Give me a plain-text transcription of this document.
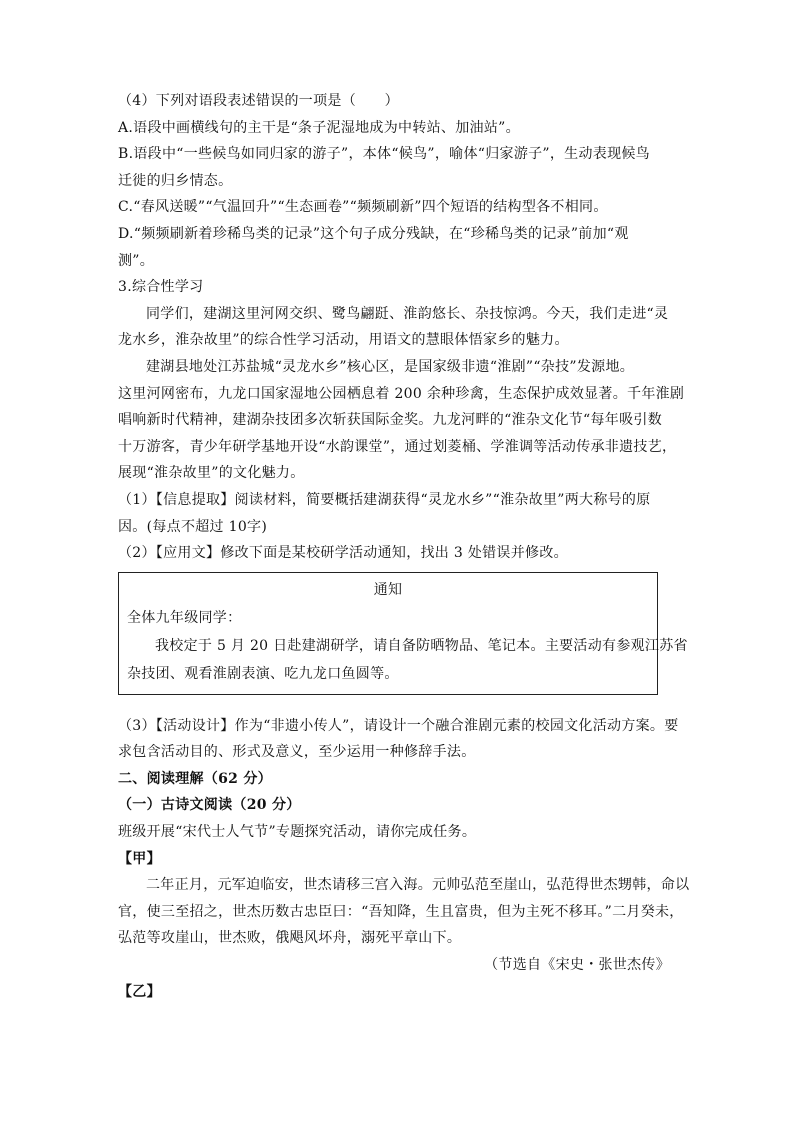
（4）下列对语段表述错误的一项是（　　）
A.语段中画横线句的主干是“条子泥湿地成为中转站、加油站”。
B.语段中“一些候鸟如同归家的游子”，本体“候鸟”，喻体“归家游子”，生动表现候鸟
迁徙的归乡情态。
C.“春风送暖”“气温回升”“生态画卷”“频频刷新”四个短语的结构型各不相同。
D.“频频刷新着珍稀鸟类的记录”这个句子成分残缺，在“珍稀鸟类的记录”前加“观
测”。
3.综合性学习
同学们，建湖这里河网交织、鹭鸟翩跹、淮韵悠长、杂技惊鸿。今天，我们走进“灵
龙水乡，淮杂故里”的综合性学习活动，用语文的慧眼体悟家乡的魅力。
建湖县地处江苏盐城“灵龙水乡”核心区，是国家级非遗“淮剧”“杂技”发源地。
这里河网密布，九龙口国家湿地公园栖息着 200 余种珍禽，生态保护成效显著。千年淮剧
唱响新时代精神，建湖杂技团多次斩获国际金奖。九龙河畔的“淮杂文化节“每年吸引数
十万游客，青少年研学基地开设“水韵课堂”，通过划菱桶、学淮调等活动传承非遗技艺，
展现“淮杂故里”的文化魅力。
（1）【信息提取】阅读材料，简要概括建湖获得“灵龙水乡”“淮杂故里”两大称号的原
因。(每点不超过 10字)
（2）【应用文】修改下面是某校研学活动通知，找出 3 处错误并修改。
通知
全体九年级同学：
我校定于 5 月 20 日赴建湖研学，请自备防晒物品、笔记本。主要活动有参观江苏省
杂技团、观看淮剧表演、吃九龙口鱼圆等。
（3）【活动设计】作为“非遗小传人”，请设计一个融合淮剧元素的校园文化活动方案。要
求包含活动目的、形式及意义，至少运用一种修辞手法。
二、阅读理解（62 分）
（一）古诗文阅读（20 分）
班级开展“宋代士人气节”专题探究活动，请你完成任务。
【甲】
二年正月，元军迫临安，世杰请移三宫入海。元帅弘范至崖山，弘范得世杰甥韩，命以
官，使三至招之，世杰历数古忠臣曰：“吾知降，生且富贵，但为主死不移耳。”二月癸未，
弘范等攻崖山，世杰败，俄飓风坏舟，溺死平章山下。
（节选自《宋史・张世杰传》
【乙】
